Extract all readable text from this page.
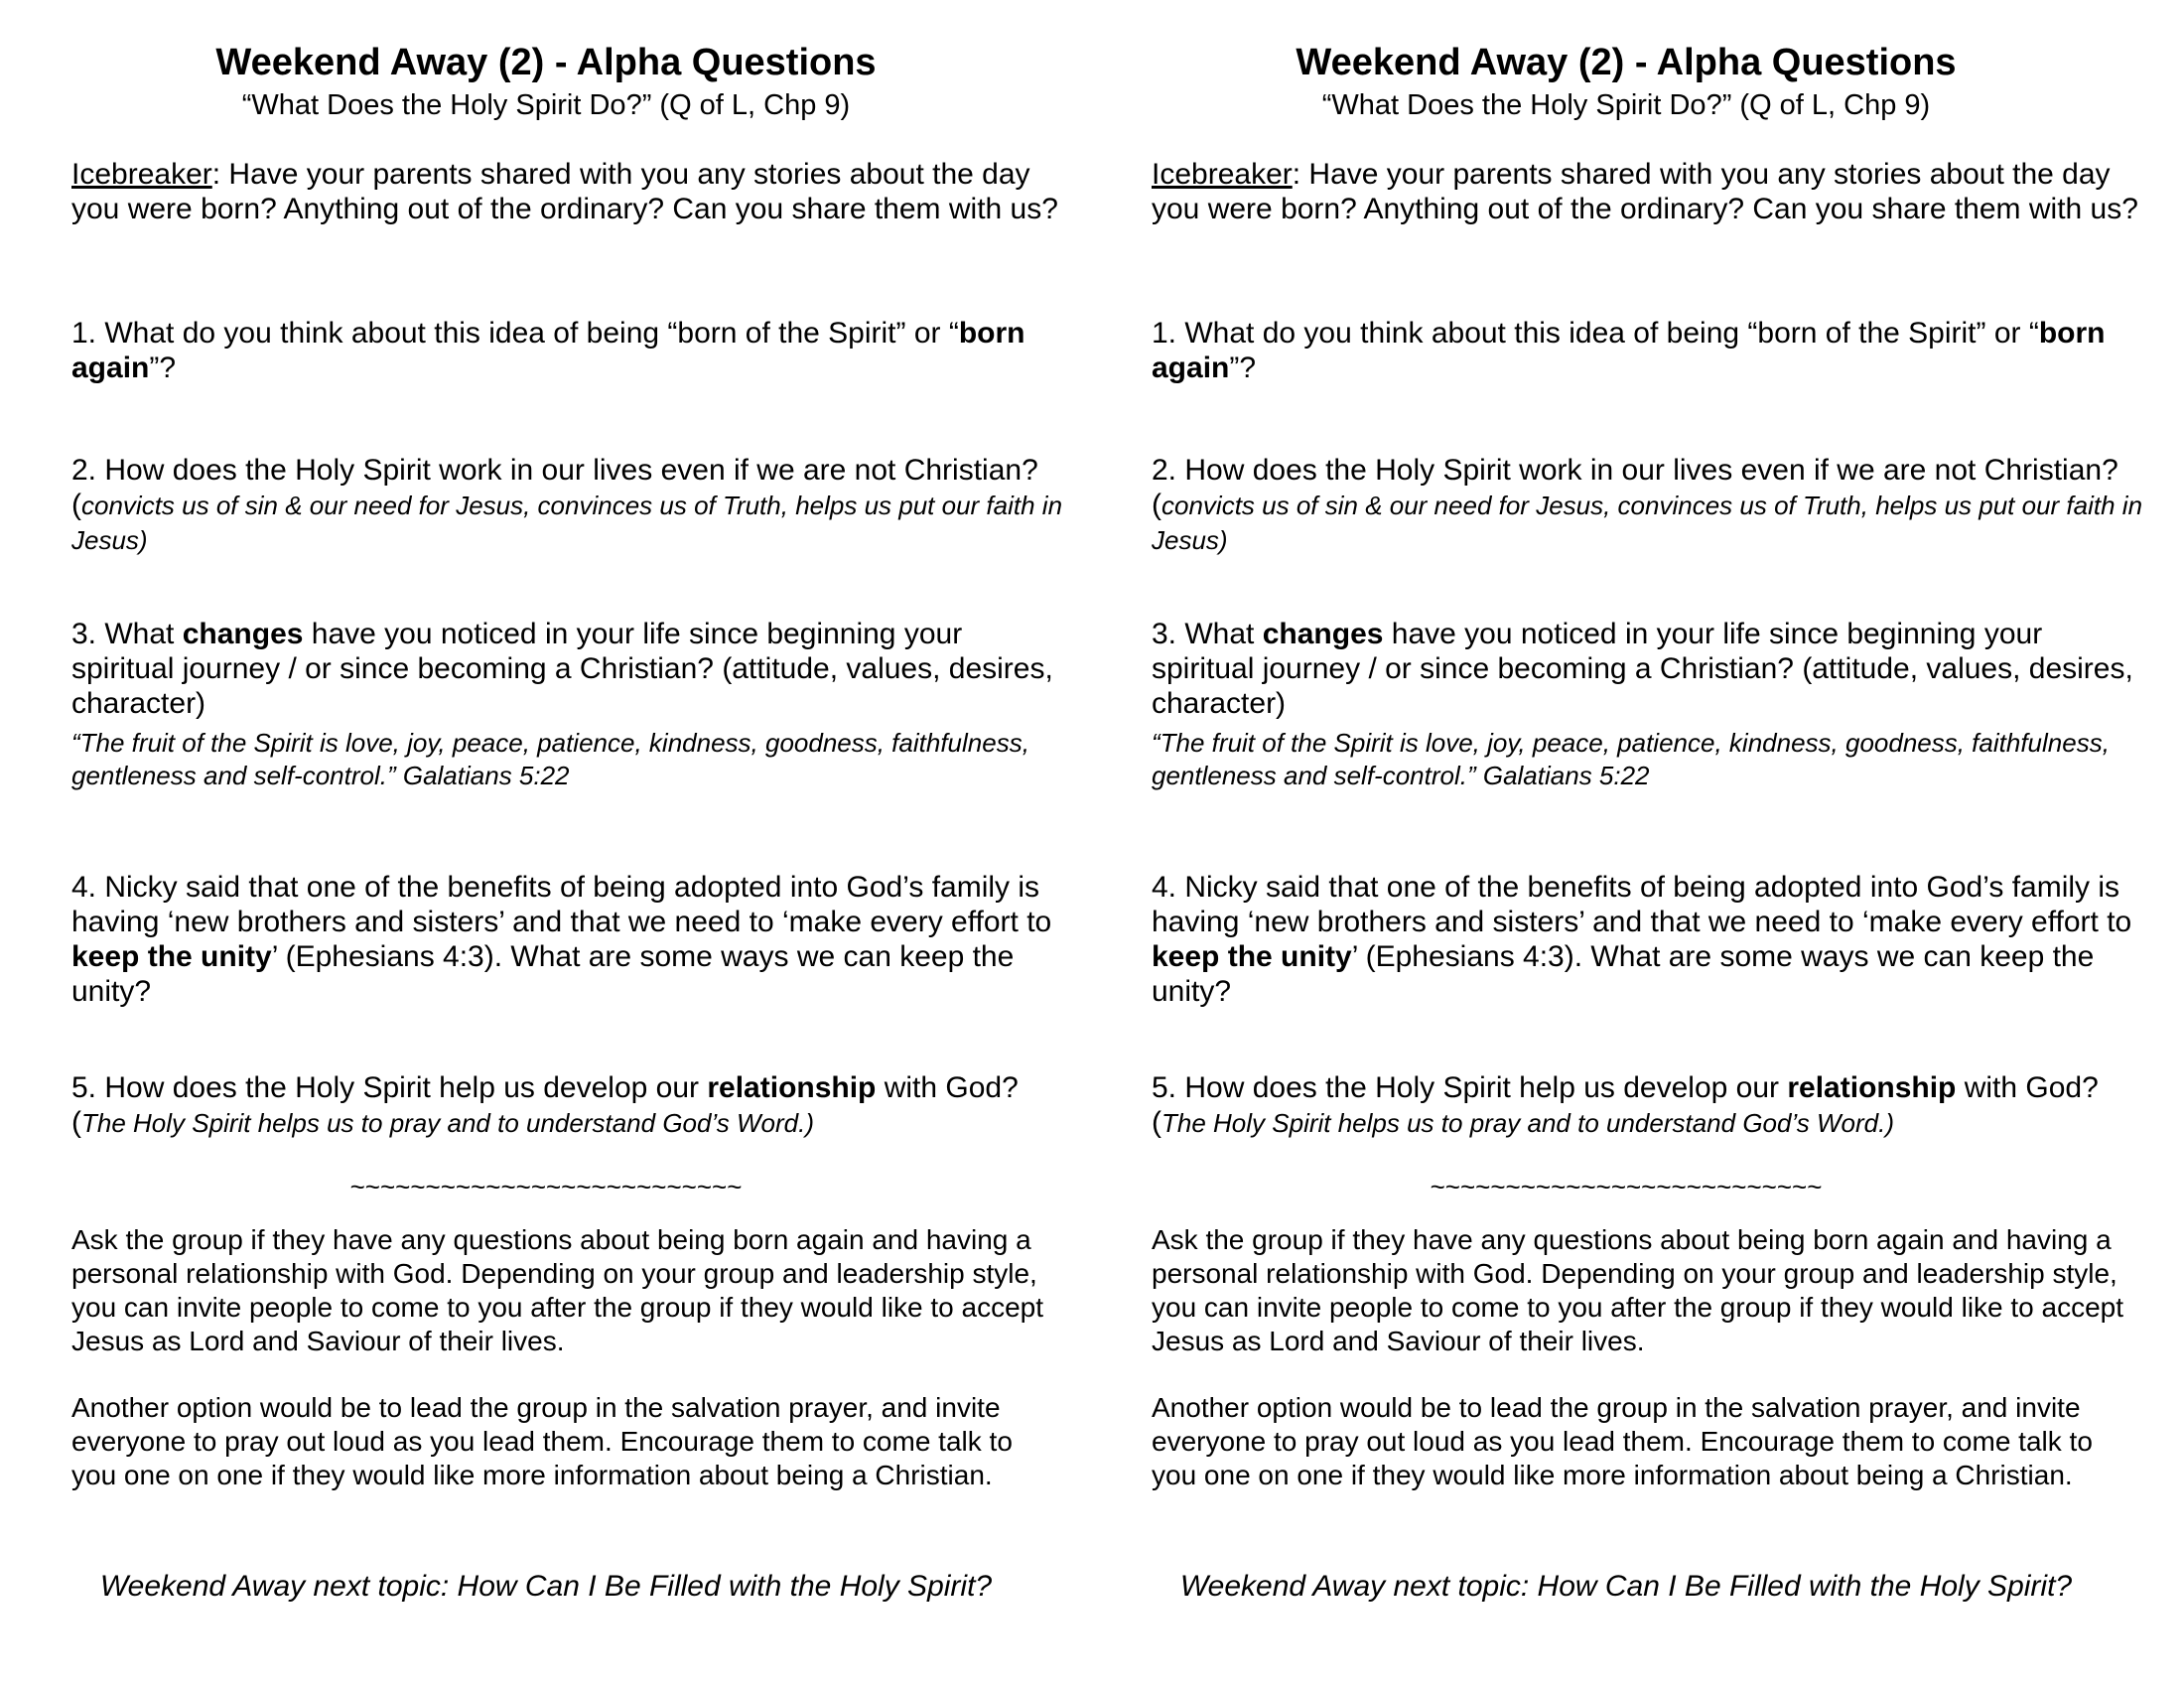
Weekend Away (2) - Alpha Questions
“What Does the Holy Spirit Do?” (Q of L, Chp 9)
Icebreaker: Have your parents shared with you any stories about the day you were born? Anything out of the ordinary? Can you share them with us?
1. What do you think about this idea of being “born of the Spirit” or “born again”?
2. How does the Holy Spirit work in our lives even if we are not Christian? (convicts us of sin & our need for Jesus, convinces us of Truth, helps us put our faith in Jesus)
3. What changes have you noticed in your life since beginning your spiritual journey / or since becoming a Christian? (attitude, values, desires, character)
“The fruit of the Spirit is love, joy, peace, patience, kindness, goodness, faithfulness, gentleness and self-control.” Galatians 5:22
4. Nicky said that one of the benefits of being adopted into God’s family is having ‘new brothers and sisters’ and that we need to ‘make every effort to keep the unity’ (Ephesians 4:3). What are some ways we can keep the unity?
5. How does the Holy Spirit help us develop our relationship with God? (The Holy Spirit helps us to pray and to understand God’s Word.)
~~~~~~~~~~~~~~~~~~~~~~~~~~
Ask the group if they have any questions about being born again and having a personal relationship with God. Depending on your group and leadership style, you can invite people to come to you after the group if they would like to accept Jesus as Lord and Saviour of their lives.
Another option would be to lead the group in the salvation prayer, and invite everyone to pray out loud as you lead them. Encourage them to come talk to you one on one if they would like more information about being a Christian.
Weekend Away next topic: How Can I Be Filled with the Holy Spirit?
Weekend Away (2) - Alpha Questions
“What Does the Holy Spirit Do?” (Q of L, Chp 9)
Icebreaker: Have your parents shared with you any stories about the day you were born? Anything out of the ordinary? Can you share them with us?
1. What do you think about this idea of being “born of the Spirit” or “born again”?
2. How does the Holy Spirit work in our lives even if we are not Christian? (convicts us of sin & our need for Jesus, convinces us of Truth, helps us put our faith in Jesus)
3. What changes have you noticed in your life since beginning your spiritual journey / or since becoming a Christian? (attitude, values, desires, character)
“The fruit of the Spirit is love, joy, peace, patience, kindness, goodness, faithfulness, gentleness and self-control.” Galatians 5:22
4. Nicky said that one of the benefits of being adopted into God’s family is having ‘new brothers and sisters’ and that we need to ‘make every effort to keep the unity’ (Ephesians 4:3). What are some ways we can keep the unity?
5. How does the Holy Spirit help us develop our relationship with God? (The Holy Spirit helps us to pray and to understand God’s Word.)
~~~~~~~~~~~~~~~~~~~~~~~~~~
Ask the group if they have any questions about being born again and having a personal relationship with God. Depending on your group and leadership style, you can invite people to come to you after the group if they would like to accept Jesus as Lord and Saviour of their lives.
Another option would be to lead the group in the salvation prayer, and invite everyone to pray out loud as you lead them. Encourage them to come talk to you one on one if they would like more information about being a Christian.
Weekend Away next topic: How Can I Be Filled with the Holy Spirit?
